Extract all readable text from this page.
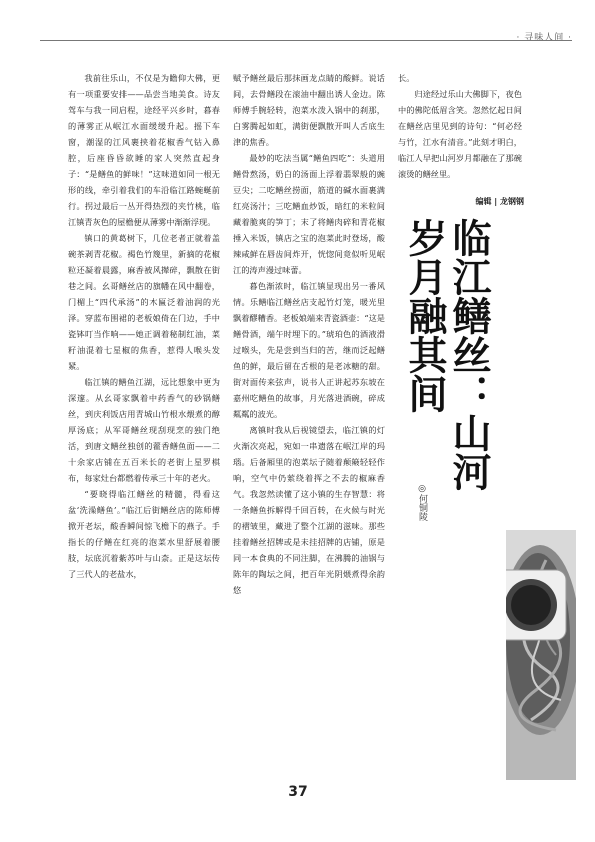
· 寻味人间 ·

我前往乐山，不仅是为瞻仰大佛，更有一项重要安排——品尝当地美食。诗友驾车与我一同启程，途经平兴乡时，暮春的薄雾正从岷江水面缓缓升起。摇下车窗，潮湿的江风裹挟着花椒香气钻入鼻腔，后座昏昏欲睡的家人突然直起身子：“是鳝鱼的鲜味！”这味道如同一根无形的线，牵引着我们的车沿临江路蜿蜒前行。拐过最后一丛开得热烈的夹竹桃，临江镇青灰色的屋檐便从薄雾中渐渐浮现。

镇口的黄葛树下，几位老者正就着盖碗茶剥青花椒。褐色竹篾里，新摘的花椒粒还凝着晨露，麻香被风撵碎，飘散在街巷之间。幺哥鳝丝店的旗幡在风中翻卷，门楣上“四代承汤”的木匾泛着油润的光泽。穿蓝布围裙的老板娘倚在门边，手中瓷钵叮当作响——她正调着秘制红油，菜籽油混着七星椒的焦香，惹得人喉头发紧。

临江镇的鳝鱼江湖，远比想象中更为深邃。从幺哥家飘着中药香气的砂锅鳝丝，到庆利饭店用青城山竹根水煨煮的醇厚汤底；从军哥鳝丝现刮现烹的独门绝活，到唐文鳝丝独创的藿香鳝鱼面——二十余家店铺在五百米长的老街上星罗棋布，每家灶台都燃着传承三十年的老火。

“要晓得临江鳝丝的精髓，得看这盆‘洗澡鳝鱼’。”临江后街鳝丝店的陈师傅掀开老坛，酸香瞬间惊飞檐下的燕子。手指长的仔鳝在红亮的泡菜水里舒展着腰肢，坛底沉着紫苏叶与山柰。正是这坛传了三代人的老盐水，

赋予鳝丝最后那抹画龙点睛的酸鲜。说话间，去骨鳝段在滚油中翻出诱人金边。陈师傅手腕轻转，泡菜水泼入锅中的刹那，白雾腾起如虹，满街便飘散开叫人舌底生津的焦香。

最妙的吃法当属“鳝鱼四吃”：头道用鳝骨熬汤，奶白的汤面上浮着翡翠般的豌豆尖；二吃鳝丝捞面，筋道的碱水面裹满红亮汤汁；三吃鳝血炒饭，暗红的米粒间藏着脆爽的笋丁；末了将鳝肉碎和青花椒捶入米饭，镇店之宝的泡菜此时登场，酸辣咸鲜在唇齿间炸开，恍惚间竟似听见岷江的涛声漫过味蕾。

暮色渐浓时，临江镇显现出另一番风情。乐鳝临江鳝丝店支起竹灯笼，暖光里飘着醪糟香。老板娘端来青瓷酒壶：“这是鳝骨酒，端午时埋下的。”琥珀色的酒液滑过喉头，先是尝到当归的苦，继而泛起鳝鱼的鲜，最后留在舌根的是老冰糖的甜。街对面传来弦声，说书人正讲起苏东坡在嘉州吃鳝鱼的故事，月光落进酒碗，碎成粼粼的波光。

离镇时我从后视镜望去，临江镇的灯火渐次亮起，宛如一串遗落在岷江岸的玛瑙。后备厢里的泡菜坛子随着颠簸轻轻作响，空气中仍萦绕着挥之不去的椒麻香气。我忽然读懂了这小镇的生存智慧：将一条鳝鱼拆解得千回百转，在火候与时光的褶皱里，藏进了整个江湖的滋味。那些挂着鳝丝招牌或是未挂招牌的店铺，原是同一本食典的不同注脚，在沸腾的油锅与陈年的陶坛之间，把百年光阴煨煮得余韵悠

长。

归途经过乐山大佛脚下，夜色中的佛陀低眉含笑。忽然忆起日间在鳝丝店里见到的诗句：“何必经与竹，江水有清音。”此刻才明白，临江人早把山河岁月都融在了那碗滚烫的鳝丝里。

编辑 | 龙钢钢
临江鳝丝：山河岁月融其间
◎何铜陵
37
